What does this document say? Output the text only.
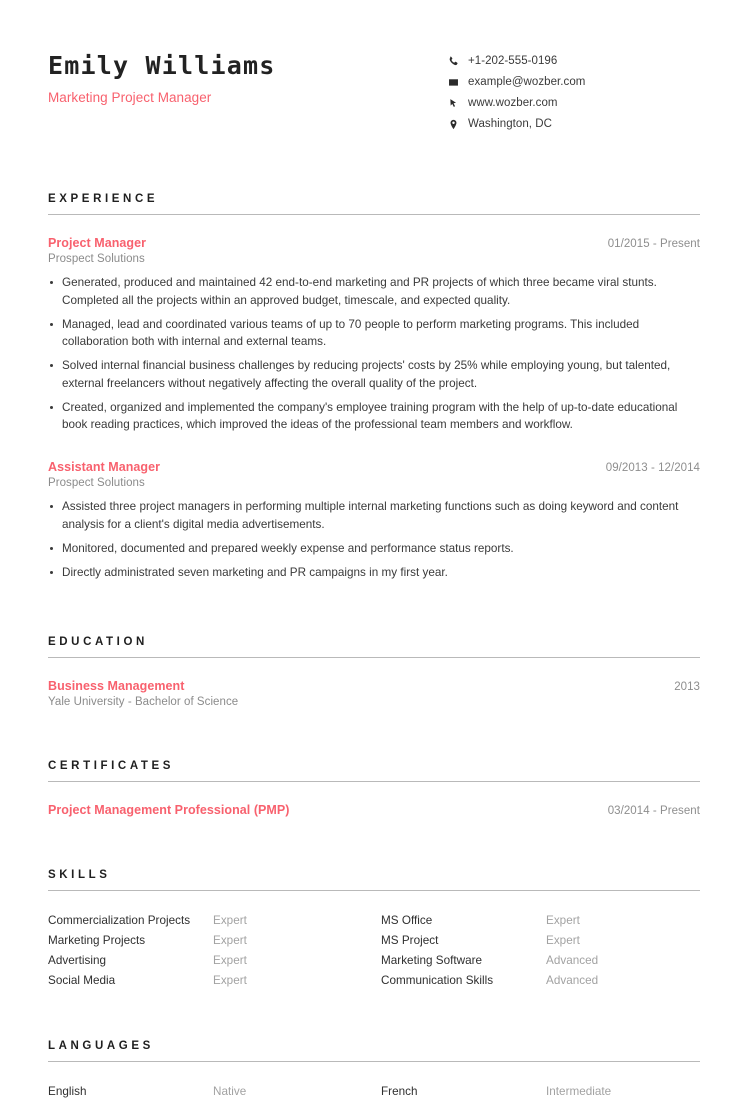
Emily Williams
Marketing Project Manager
+1-202-555-0196
example@wozber.com
www.wozber.com
Washington, DC
EXPERIENCE
Project Manager	01/2015 - Present
Prospect Solutions
Generated, produced and maintained 42 end-to-end marketing and PR projects of which three became viral stunts. Completed all the projects within an approved budget, timescale, and expected quality.
Managed, lead and coordinated various teams of up to 70 people to perform marketing programs. This included collaboration both with internal and external teams.
Solved internal financial business challenges by reducing projects' costs by 25% while employing young, but talented, external freelancers without negatively affecting the overall quality of the project.
Created, organized and implemented the company's employee training program with the help of up-to-date educational book reading practices, which improved the ideas of the professional team members and workflow.
Assistant Manager	09/2013 - 12/2014
Prospect Solutions
Assisted three project managers in performing multiple internal marketing functions such as doing keyword and content analysis for a client's digital media advertisements.
Monitored, documented and prepared weekly expense and performance status reports.
Directly administrated seven marketing and PR campaigns in my first year.
EDUCATION
Business Management	2013
Yale University - Bachelor of Science
CERTIFICATES
Project Management Professional (PMP)	03/2014 - Present
SKILLS
Commercialization Projects	Expert	MS Office	Expert
Marketing Projects	Expert	MS Project	Expert
Advertising	Expert	Marketing Software	Advanced
Social Media	Expert	Communication Skills	Advanced
LANGUAGES
English	Native	French	Intermediate
